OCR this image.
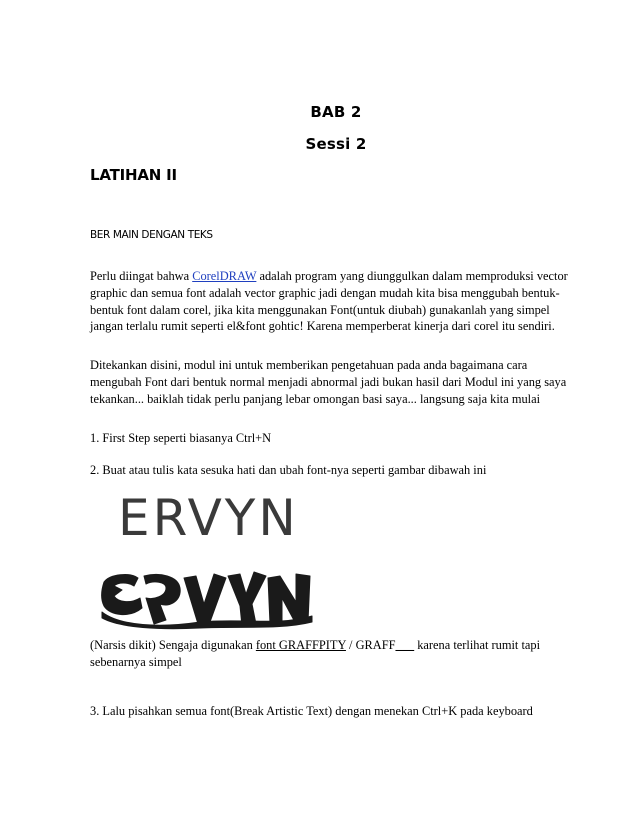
BAB 2
Sessi 2
LATIHAN II
BER MAIN DENGAN TEKS

Perlu diingat bahwa CorelDRAW adalah program yang diunggulkan dalam memproduksi vector graphic dan semua font adalah vector graphic jadi dengan mudah kita bisa menggubah bentuk-bentuk font dalam corel, jika kita menggunakan Font(untuk diubah) gunakanlah yang simpel jangan terlalu rumit seperti el&font gohtic! Karena memperberat kinerja dari corel itu sendiri.

Ditekankan disini, modul ini untuk memberikan pengetahuan pada anda bagaimana cara mengubah Font dari bentuk normal menjadi abnormal jadi bukan hasil dari Modul ini yang saya tekankan... baiklah tidak perlu panjang lebar omongan basi saya... langsung saja kita mulai

1. First Step seperti biasanya Ctrl+N

2. Buat atau tulis kata sesuka hati dan ubah font-nya seperti gambar dibawah ini

ERVYN

(Narsis dikit) Sengaja digunakan font GRAFFPITY / GRAFF___ karena terlihat rumit tapi sebenarnya simpel

3. Lalu pisahkan semua font(Break Artistic Text) dengan menekan Ctrl+K pada keyboard
